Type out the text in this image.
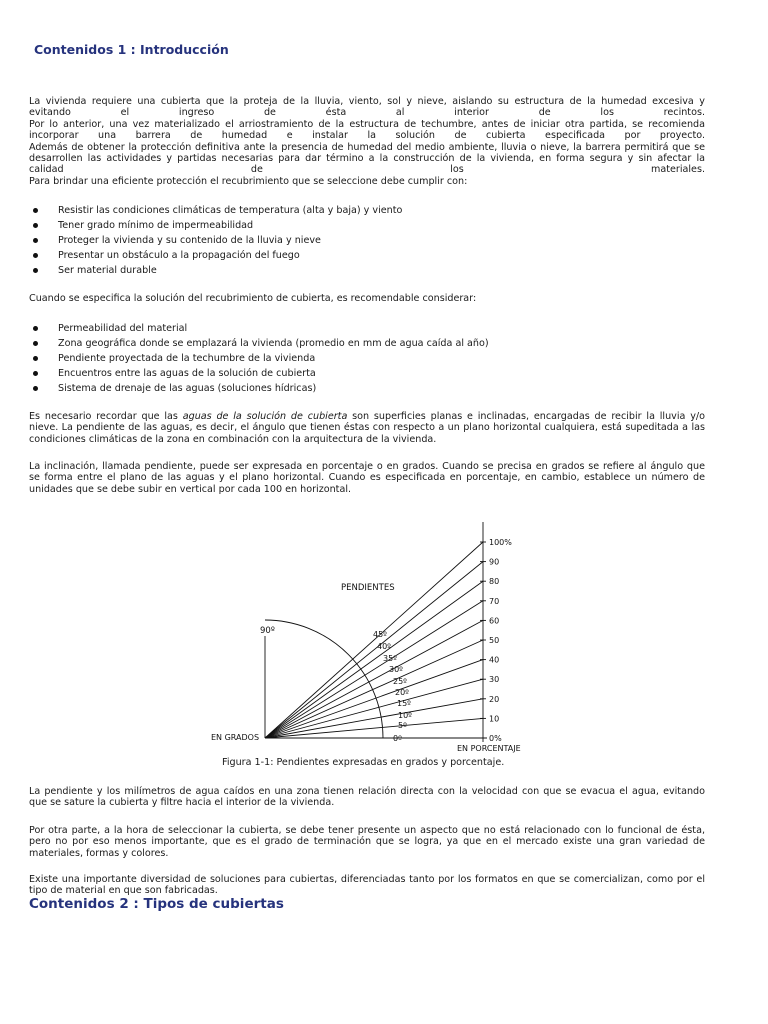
Contenidos 1 : Introducción
La vivienda requiere una cubierta que la proteja de la lluvia, viento, sol y nieve, aislando su estructura de la humedad excesiva y
evitando el ingreso de ésta al interior de los recintos.
Por lo anterior, una vez materializado el arriostramiento de la estructura de techumbre, antes de iniciar otra partida, se recomienda
incorporar una barrera de humedad e instalar la solución de cubierta especificada por proyecto.
Además de obtener la protección definitiva ante la presencia de humedad del medio ambiente, lluvia o nieve, la barrera permitirá que se
desarrollen las actividades y partidas necesarias para dar término a la construcción de la vivienda, en forma segura y sin afectar la
calidad de los materiales.
Para brindar una eficiente protección el recubrimiento que se seleccione debe cumplir con:
Resistir las condiciones climáticas de temperatura (alta y baja) y viento
Tener grado mínimo de impermeabilidad
Proteger la vivienda y su contenido de la lluvia y nieve
Presentar un obstáculo a la propagación del fuego
Ser material durable
Cuando se especifica la solución del recubrimiento de cubierta, es recomendable considerar:
Permeabilidad del material
Zona geográfica donde se emplazará la vivienda (promedio en mm de agua caída al año)
Pendiente proyectada de la techumbre de la vivienda
Encuentros entre las aguas de la solución de cubierta
Sistema de drenaje de las aguas (soluciones hídricas)
Es necesario recordar que las aguas de la solución de cubierta son superficies planas e inclinadas, encargadas de recibir la lluvia y/o
nieve. La pendiente de las aguas, es decir, el ángulo que tienen éstas con respecto a un plano horizontal cualquiera, está supeditada a las
condiciones climáticas de la zona en combinación con la arquitectura de la vivienda.
La inclinación, llamada pendiente, puede ser expresada en porcentaje o en grados. Cuando se precisa en grados se refiere al ángulo que
se forma entre el plano de las aguas y el plano horizontal. Cuando es especificada en porcentaje, en cambio, establece un número de
unidades que se debe subir en vertical por cada 100 en horizontal.
100%
90
80
70
60
50
40
30
20
10
0%
45º
40º
35º
30º
25º
20º
15º
10º
5º
0º
PENDIENTES
EN GRADOS
EN PORCENTAJE
90º
Figura 1-1: Pendientes expresadas en grados y porcentaje.
La pendiente y los milímetros de agua caídos en una zona tienen relación directa con la velocidad con que se evacua el agua, evitando
que se sature la cubierta y filtre hacia el interior de la vivienda.
Por otra parte, a la hora de seleccionar la cubierta, se debe tener presente un aspecto que no está relacionado con lo funcional de ésta,
pero no por eso menos importante, que es el grado de terminación que se logra, ya que en el mercado existe una gran variedad de
materiales, formas y colores.
Existe una importante diversidad de soluciones para cubiertas, diferenciadas tanto por los formatos en que se comercializan, como por el
tipo de material en que son fabricadas.
Contenidos 2 : Tipos de cubiertas
